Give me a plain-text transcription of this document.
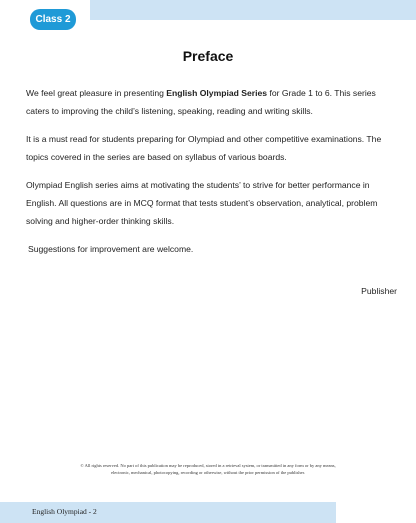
Class 2
Preface

We feel great pleasure in presenting English Olympiad Series for Grade 1 to 6. This series caters to improving the child’s listening, speaking, reading and writing skills.

It is a must read for students preparing for Olympiad and other competitive examinations. The topics covered in the series are based on syllabus of various boards.

Olympiad English series aims at motivating the students’ to strive for better performance in English. All questions are in MCQ format that tests student’s observation, analytical, problem solving and higher-order thinking skills.

Suggestions for improvement are welcome.

Publisher
© All rights reserved. No part of this publication may be reproduced, stored in a retrieval system, or transmitted in any form or by any means,
electronic, mechanical, photocopying, recording or otherwise, without the prior permission of the publisher.
English Olympiad - 2
